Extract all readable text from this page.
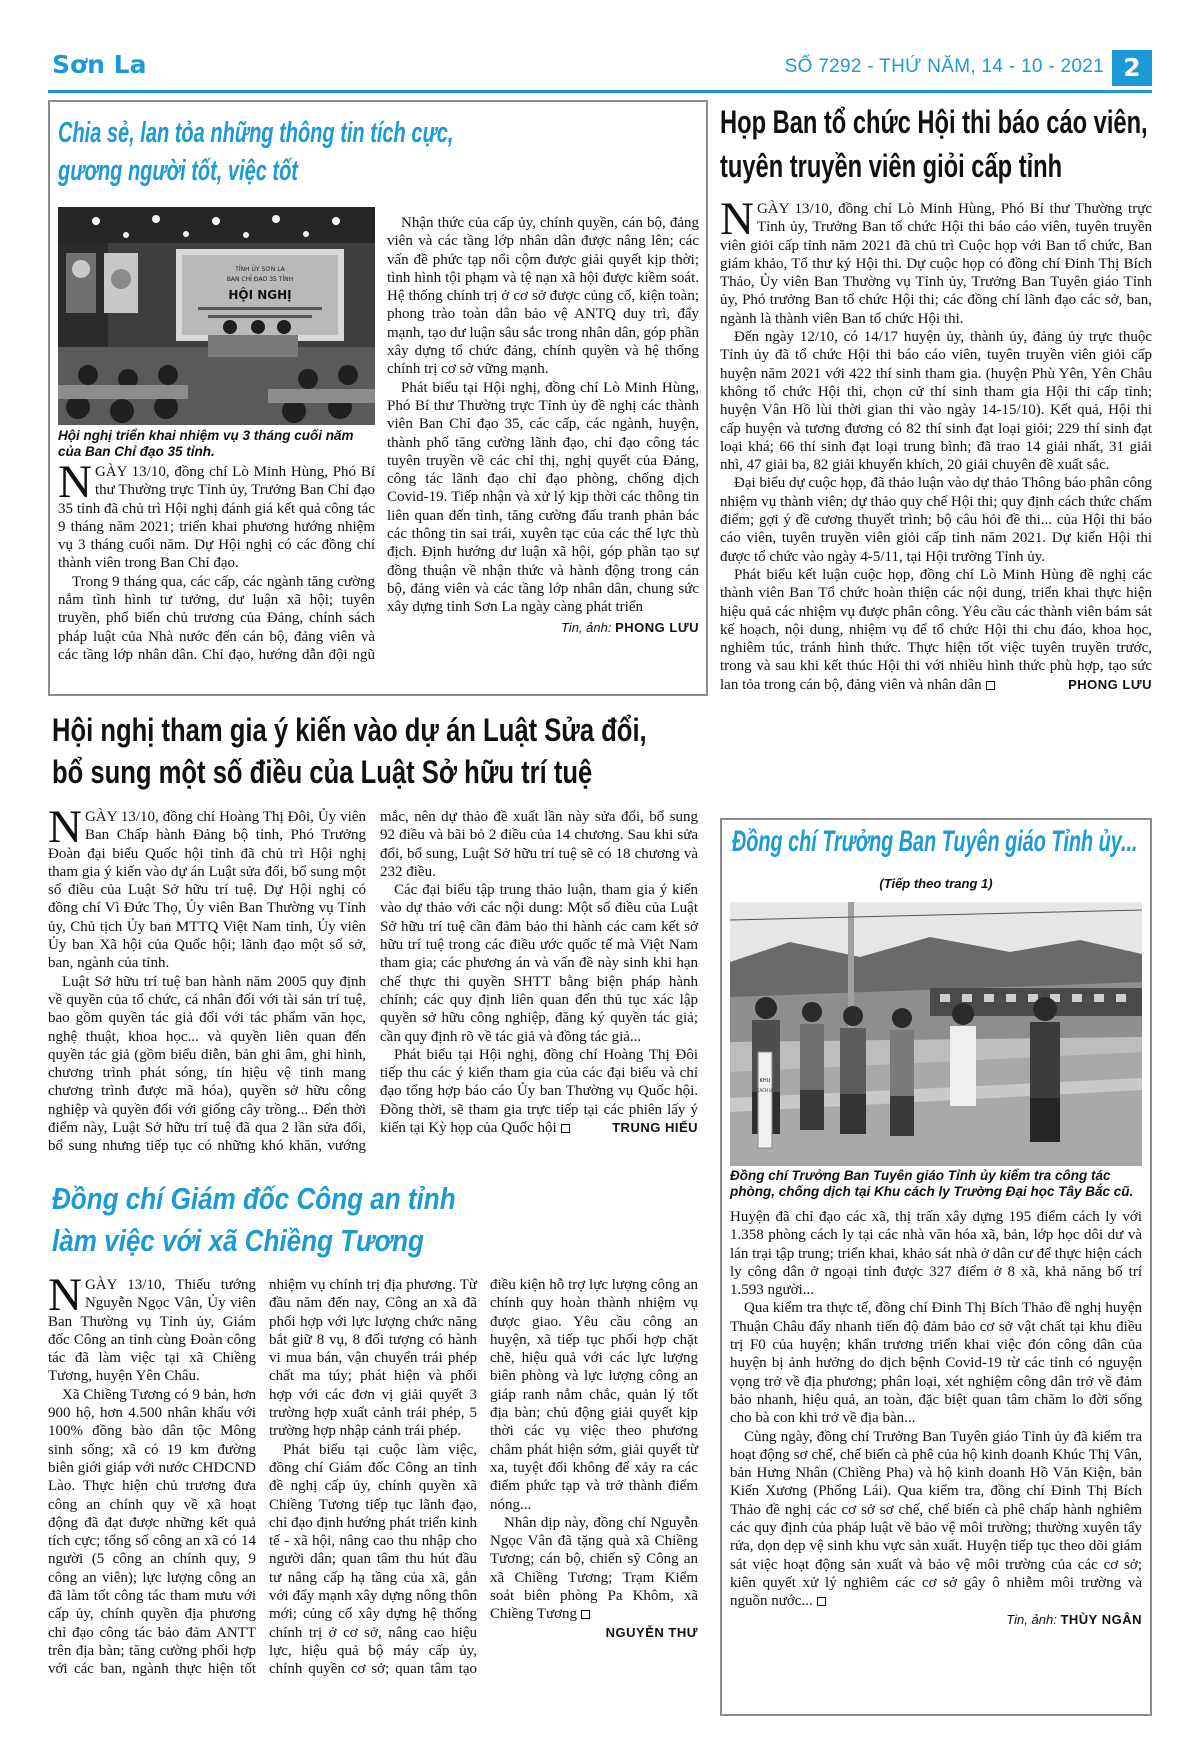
Sơn La	SỐ 7292 - THỨ NĂM, 14 - 10 - 2021 2
Chia sẻ, lan tỏa những thông tin tích cực,
gương người tốt, việc tốt
TỈNH ỦY SƠN LA
BAN CHỈ ĐẠO 35 TỈNH
HỘI NGHỊ
Hội nghị triển khai nhiệm vụ 3 tháng cuối năm của Ban Chỉ đạo 35 tỉnh.

NGÀY 13/10, đồng chí Lò Minh Hùng, Phó Bí thư Thường trực Tỉnh ủy, Trưởng Ban Chỉ đạo 35 tỉnh đã chủ trì Hội nghị đánh giá kết quả công tác 9 tháng năm 2021; triển khai phương hướng nhiệm vụ 3 tháng cuối năm. Dự Hội nghị có các đồng chí thành viên trong Ban Chỉ đạo.

Trong 9 tháng qua, các cấp, các ngành tăng cường nắm tình hình tư tưởng, dư luận xã hội; tuyên truyền, phổ biến chủ trương của Đảng, chính sách pháp luật của Nhà nước đến cán bộ, đảng viên và các tầng lớp nhân dân. Chỉ đạo, hướng dẫn đội ngũ

Nhận thức của cấp ủy, chính quyền, cán bộ, đảng viên và các tầng lớp nhân dân được nâng lên; các vấn đề phức tạp nổi cộm được giải quyết kịp thời; tình hình tội phạm và tệ nạn xã hội được kiềm soát. Hệ thống chính trị ở cơ sở được củng cố, kiện toàn; phong trào toàn dân bảo vệ ANTQ duy trì, đẩy mạnh, tạo dư luận sâu sắc trong nhân dân, góp phần xây dựng tổ chức đảng, chính quyền và hệ thống chính trị cơ sở vững mạnh.

Phát biểu tại Hội nghị, đồng chí Lò Minh Hùng, Phó Bí thư Thường trực Tỉnh ủy đề nghị các thành viên Ban Chỉ đạo 35, các cấp, các ngành, huyện, thành phố tăng cường lãnh đạo, chỉ đạo công tác tuyên truyền về các chỉ thị, nghị quyết của Đảng, công tác lãnh đạo chỉ đạo phòng, chống dịch Covid-19. Tiếp nhận và xử lý kịp thời các thông tin liên quan đến tình, tăng cường đấu tranh phản bác các thông tin sai trái, xuyên tạc của các thế lực thù địch. Định hướng dư luận xã hội, góp phần tạo sự đồng thuận về nhận thức và hành động trong cán bộ, đảng viên và các tầng lớp nhân dân, chung sức xây dựng tỉnh Sơn La ngày càng phát triển

Tin, ảnh: PHONG LƯU
Họp Ban tổ chức Hội thi báo cáo viên,
tuyên truyền viên giỏi cấp tỉnh

NGÀY 13/10, đồng chí Lò Minh Hùng, Phó Bí thư Thường trực Tỉnh ủy, Trưởng Ban tổ chức Hội thi báo cáo viên, tuyên truyền viên giỏi cấp tỉnh năm 2021 đã chủ trì Cuộc họp với Ban tổ chức, Ban giám khảo, Tổ thư ký Hội thi. Dự cuộc họp có đồng chí Đinh Thị Bích Thảo, Ủy viên Ban Thường vụ Tỉnh ủy, Trưởng Ban Tuyên giáo Tỉnh ủy, Phó trưởng Ban tổ chức Hội thi; các đồng chí lãnh đạo các sở, ban, ngành là thành viên Ban tổ chức Hội thi.

Đến ngày 12/10, có 14/17 huyện ủy, thành ủy, đảng ủy trực thuộc Tỉnh ủy đã tổ chức Hội thi báo cáo viên, tuyên truyền viên giỏi cấp huyện năm 2021 với 422 thí sinh tham gia. (huyện Phù Yên, Yên Châu không tổ chức Hội thi, chọn cử thí sinh tham gia Hội thi cấp tỉnh; huyện Vân Hồ lùi thời gian thi vào ngày 14-15/10). Kết quả, Hội thi cấp huyện và tương đương có 82 thí sinh đạt loại giỏi; 229 thí sinh đạt loại khá; 66 thí sinh đạt loại trung bình; đã trao 14 giải nhất, 31 giải nhì, 47 giải ba, 82 giải khuyến khích, 20 giải chuyên đề xuất sắc.

Đại biểu dự cuộc họp, đã thảo luận vào dự thảo Thông báo phân công nhiệm vụ thành viên; dự thảo quy chế Hội thi; quy định cách thức chấm điểm; gợi ý đề cương thuyết trình; bộ câu hỏi đề thi... của Hội thi báo cáo viên, tuyên truyền viên giỏi cấp tỉnh năm 2021. Dự kiến Hội thi được tổ chức vào ngày 4-5/11, tại Hội trường Tỉnh ủy.

Phát biểu kết luận cuộc họp, đồng chí Lò Minh Hùng đề nghị các thành viên Ban Tổ chức hoàn thiện các nội dung, triển khai thực hiện hiệu quả các nhiệm vụ được phân công. Yêu cầu các thành viên bám sát kế hoạch, nội dung, nhiệm vụ để tổ chức Hội thi chu đáo, khoa học, nghiêm túc, tránh hình thức. Thực hiện tốt việc tuyên truyền trước, trong và sau khi kết thúc Hội thi với nhiều hình thức phù hợp, tạo sức lan tỏa trong cán bộ, đảng viên và nhân dân	PHONG LƯU

Hội nghị tham gia ý kiến vào dự án Luật Sửa đổi,
bổ sung một số điều của Luật Sở hữu trí tuệ

NGÀY 13/10, đồng chí Hoàng Thị Đôi, Ủy viên Ban Chấp hành Đảng bộ tỉnh, Phó Trưởng Đoàn đại biểu Quốc hội tỉnh đã chủ trì Hội nghị tham gia ý kiến vào dự án Luật sửa đổi, bổ sung một số điều của Luật Sở hữu trí tuệ. Dự Hội nghị có đồng chí Vì Đức Thọ, Ủy viên Ban Thường vụ Tỉnh ủy, Chủ tịch Ủy ban MTTQ Việt Nam tỉnh, Ủy viên Ủy ban Xã hội của Quốc hội; lãnh đạo một số sở, ban, ngành của tỉnh.

Luật Sở hữu trí tuệ ban hành năm 2005 quy định về quyền của tổ chức, cá nhân đối với tài sản trí tuệ, bao gồm quyền tác giả đối với tác phẩm văn học, nghệ thuật, khoa học... và quyền liên quan đến quyền tác giả (gồm biểu diễn, bản ghi âm, ghi hình, chương trình phát sóng, tín hiệu vệ tinh mang chương trình được mã hóa), quyền sở hữu công nghiệp và quyền đối với giống cây trồng... Đến thời điểm này, Luật Sở hữu trí tuệ đã qua 2 lần sửa đổi, bổ sung nhưng tiếp tục có những khó khăn, vướng mắc, nên dự thảo đề xuất lần này sửa đổi, bổ sung 92 điều và bãi bỏ 2 điều của 14 chương. Sau khi sửa đổi, bổ sung, Luật Sở hữu trí tuệ sẽ có 18 chương và 232 điều.

Các đại biểu tập trung thảo luận, tham gia ý kiến vào dự thảo với các nội dung: Một số điều của Luật Sở hữu trí tuệ cần đảm bảo thi hành các cam kết sở hữu trí tuệ trong các điều ước quốc tế mà Việt Nam tham gia; các phương án và vấn đề này sinh khi hạn chế thực thi quyền SHTT bằng biện pháp hành chính; các quy định liên quan đến thủ tục xác lập quyền sở hữu công nghiệp, đăng ký quyền tác giả; cần quy định rõ về tác giả và đồng tác giả...

Phát biểu tại Hội nghị, đồng chí Hoàng Thị Đôi tiếp thu các ý kiến tham gia của các đại biểu và chỉ đạo tổng hợp báo cáo Ủy ban Thường vụ Quốc hội. Đồng thời, sẽ tham gia trực tiếp tại các phiên lấy ý kiến tại Kỳ họp của Quốc hội	TRUNG HIẾU

Đồng chí Trưởng Ban Tuyên giáo Tỉnh ủy...
(Tiếp theo trang 1)
KHU
CÁCH LY
Đồng chí Trưởng Ban Tuyên giáo Tỉnh ủy kiểm tra công tác phòng, chống dịch tại Khu cách ly Trường Đại học Tây Bắc cũ.

Huyện đã chỉ đạo các xã, thị trấn xây dựng 195 điểm cách ly với 1.358 phòng cách ly tại các nhà văn hóa xã, bản, lớp học dôi dư và lán trại tập trung; triển khai, khảo sát nhà ở dân cư để thực hiện cách ly công dân ở ngoại tỉnh được 327 điểm ở 8 xã, khả năng bố trí 1.593 người...

Qua kiểm tra thực tế, đồng chí Đinh Thị Bích Thảo đề nghị huyện Thuận Châu đẩy nhanh tiến độ đảm bảo cơ sở vật chất tại khu điều trị F0 của huyện; khẩn trương triển khai việc đón công dân của huyện bị ảnh hưởng do dịch bệnh Covid-19 từ các tỉnh có nguyện vọng trở về địa phương; phân loại, xét nghiệm công dân trở về đảm bảo nhanh, hiệu quả, an toàn, đặc biệt quan tâm chăm lo đời sống cho bà con khi trở về địa bàn...

Cùng ngày, đồng chí Trưởng Ban Tuyên giáo Tỉnh ủy đã kiểm tra hoạt động sơ chế, chế biến cà phê của hộ kinh doanh Khúc Thị Vân, bản Hưng Nhân (Chiềng Pha) và hộ kinh doanh Hồ Văn Kiện, bản Kiến Xương (Phổng Lái). Qua kiểm tra, đồng chí Đinh Thị Bích Thảo đề nghị các cơ sở sơ chế, chế biến cà phê chấp hành nghiêm các quy định của pháp luật về bảo vệ môi trường; thường xuyên tẩy rửa, dọn dẹp vệ sinh khu vực sản xuất. Huyện tiếp tục theo dõi giám sát việc hoạt động sản xuất và bảo vệ môi trường của các cơ sở; kiên quyết xử lý nghiêm các cơ sở gây ô nhiễm môi trường và nguồn nước...

Tin, ảnh: THÙY NGÂN
Đồng chí Giám đốc Công an tỉnh
làm việc với xã Chiềng Tương

NGÀY 13/10, Thiếu tướng Nguyễn Ngọc Vân, Ủy viên Ban Thường vụ Tỉnh ủy, Giám đốc Công an tỉnh cùng Đoàn công tác đã làm việc tại xã Chiềng Tương, huyện Yên Châu.

Xã Chiềng Tương có 9 bản, hơn 900 hộ, hơn 4.500 nhân khẩu với 100% đồng bào dân tộc Mông sinh sống; xã có 19 km đường biên giới giáp với nước CHDCND Lào. Thực hiện chủ trương đưa công an chính quy về xã hoạt động đã đạt được những kết quả tích cực; tổng số công an xã có 14 người (5 công an chính quy, 9 công an viên); lực lượng công an đã làm tốt công tác tham mưu với cấp ủy, chính quyền địa phương chỉ đạo công tác bảo đảm ANTT trên địa bàn; tăng cường phối hợp với các ban, ngành thực hiện tốt nhiệm vụ chính trị địa phương. Từ đầu năm đến nay, Công an xã đã phối hợp với lực lượng chức năng bắt giữ 8 vụ, 8 đối tượng có hành vi mua bán, vận chuyển trái phép chất ma túy; phát hiện và phối hợp với các đơn vị giải quyết 3 trường hợp xuất cảnh trái phép, 5 trường hợp nhập cảnh trái phép.

Phát biểu tại cuộc làm việc, đồng chí Giám đốc Công an tỉnh đề nghị cấp ủy, chính quyền xã Chiềng Tương tiếp tục lãnh đạo, chỉ đạo định hướng phát triển kinh tế - xã hội, nâng cao thu nhập cho người dân; quan tâm thu hút đầu tư nâng cấp hạ tầng của xã, gắn với đẩy mạnh xây dựng nông thôn mới; củng cố xây dựng hệ thống chính trị ở cơ sở, nâng cao hiệu lực, hiệu quả bộ máy cấp ủy, chính quyền cơ sở; quan tâm tạo điều kiện hỗ trợ lực lượng công an chính quy hoàn thành nhiệm vụ được giao. Yêu cầu công an huyện, xã tiếp tục phối hợp chặt chẽ, hiệu quả với các lực lượng biên phòng và lực lượng công an giáp ranh nắm chắc, quản lý tốt địa bàn; chủ động giải quyết kịp thời các vụ việc theo phương châm phát hiện sớm, giải quyết từ xa, tuyệt đối không để xảy ra các điểm phức tạp và trở thành điểm nóng...

Nhân dịp này, đồng chí Nguyễn Ngọc Vân đã tặng quà xã Chiềng Tương; cán bộ, chiến sỹ Công an xã Chiềng Tương; Trạm Kiểm soát biên phòng Pa Khôm, xã Chiềng Tương

NGUYỄN THƯ
